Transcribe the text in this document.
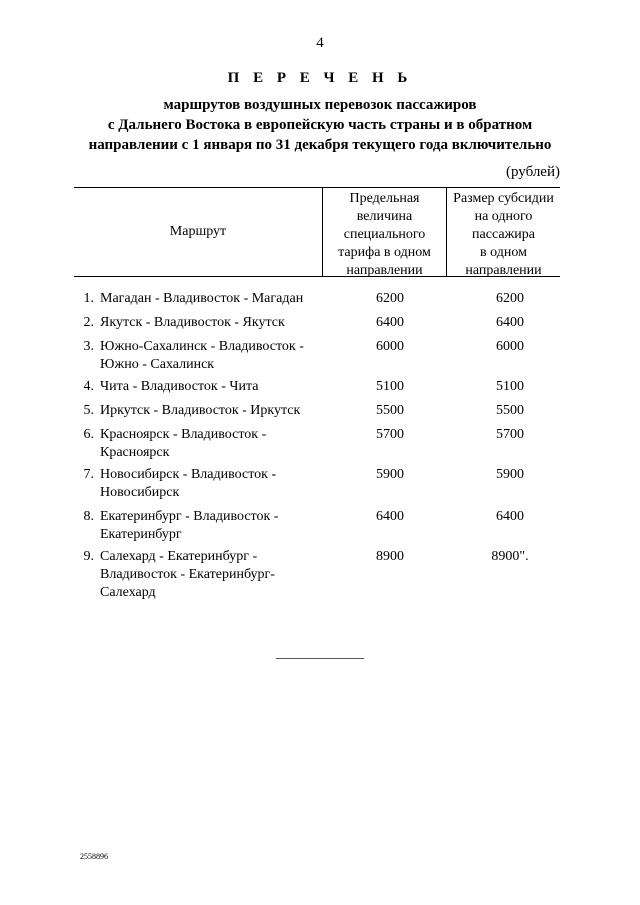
4
П Е Р Е Ч Е Н Ь
маршрутов воздушных перевозок пассажиров
с Дальнего Востока в европейскую часть страны и в обратном
направлении с 1 января по 31 декабря текущего года включительно
(рублей)
Маршрут
Предельная
величина
специального
тарифа в одном
направлении
Размер субсидии
на одного
пассажира
в одном
направлении
1. Магадан - Владивосток - Магадан	6200	6200
2. Якутск - Владивосток - Якутск	6400	6400
3. Южно-Сахалинск - Владивосток -
Южно - Сахалинск
6000	6000
4. Чита - Владивосток - Чита	5100	5100
5. Иркутск - Владивосток - Иркутск	5500	5500
6. Красноярск - Владивосток -
Красноярск
5700	5700
7. Новосибирск - Владивосток -
Новосибирск
5900	5900
8. Екатеринбург - Владивосток -
Екатеринбург
6400	6400
9. Салехард - Екатеринбург -
Владивосток - Екатеринбург-
Салехард
8900	8900".
2558896
